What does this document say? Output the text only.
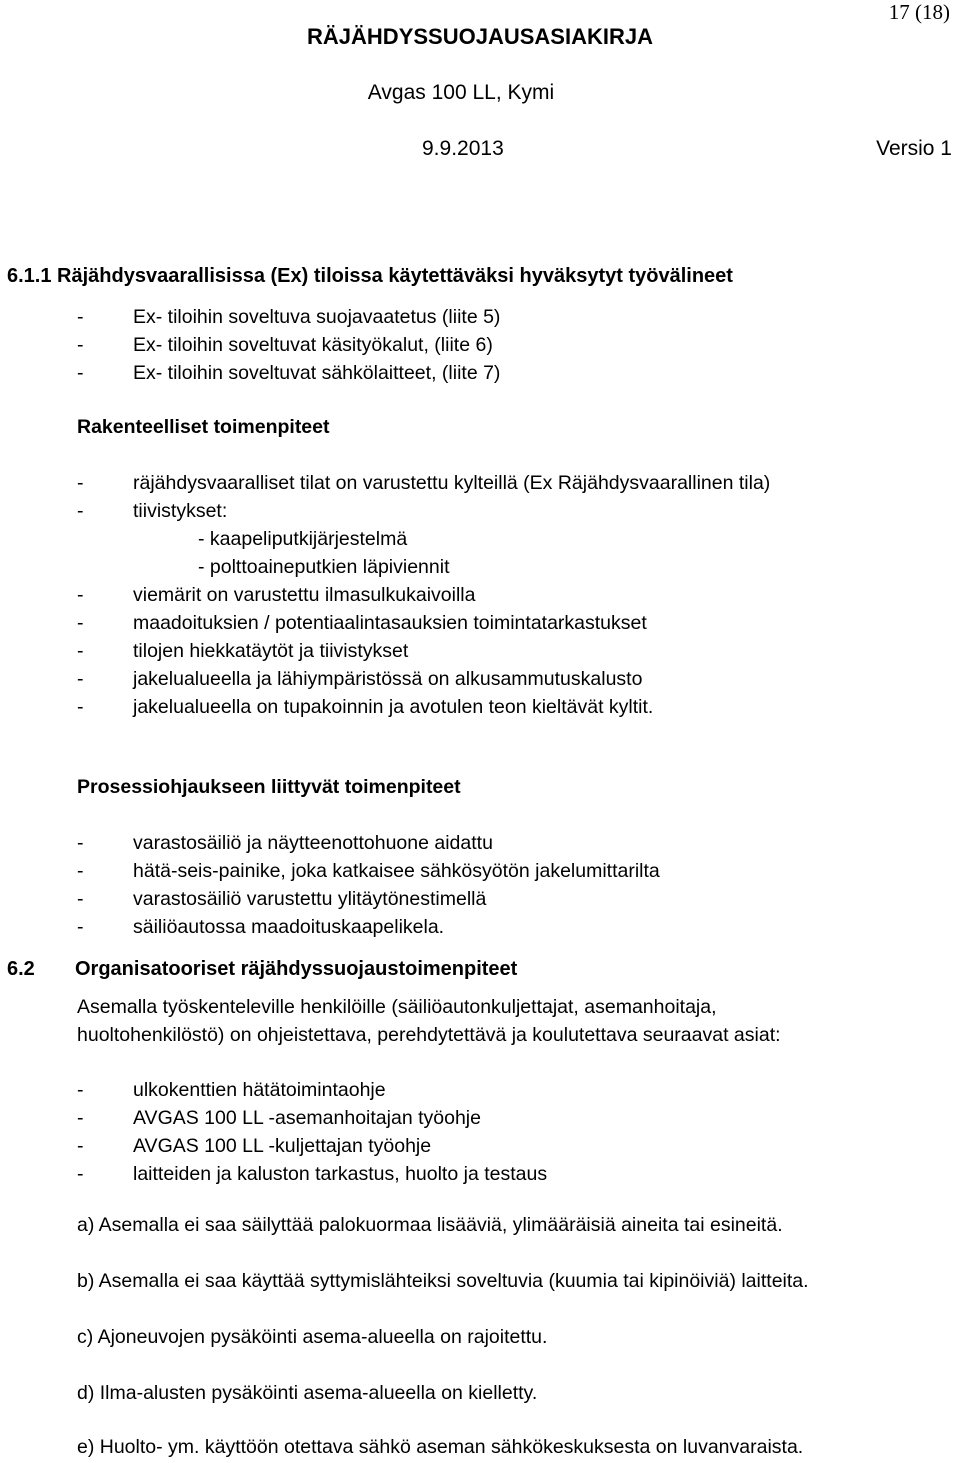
17 (18)
RÄJÄHDYSSUOJAUSASIAKIRJA
Avgas 100 LL, Kymi
9.9.2013	Versio 1
6.1.1 Räjähdysvaarallisissa (Ex) tiloissa käytettäväksi hyväksytyt työvälineet
-	Ex- tiloihin soveltuva suojavaatetus (liite 5)
-	Ex- tiloihin soveltuvat käsityökalut, (liite 6)
-	Ex- tiloihin soveltuvat sähkölaitteet, (liite 7)
Rakenteelliset toimenpiteet
-	räjähdysvaaralliset tilat on varustettu kylteillä (Ex Räjähdysvaarallinen tila)
-	tiivistykset:
- kaapeliputkijärjestelmä
- polttoaineputkien läpiviennit
-	viemärit on varustettu ilmasulkukaivoilla
-	maadoituksien / potentiaalintasauksien toimintatarkastukset
-	tilojen hiekkatäytöt ja tiivistykset
-	jakelualueella ja lähiympäristössä on alkusammutuskalusto
-	jakelualueella on tupakoinnin ja avotulen teon kieltävät kyltit.
Prosessiohjaukseen liittyvät toimenpiteet
-	varastosäiliö ja näytteenottohuone aidattu
-	hätä-seis-painike, joka katkaisee sähkösyötön jakelumittarilta
-	varastosäiliö varustettu ylitäytönestimellä
-	säiliöautossa maadoituskaapelikela.
6.2 Organisatooriset räjähdyssuojaustoimenpiteet
Asemalla työskenteleville henkilöille (säiliöautonkuljettajat, asemanhoitaja,
huoltohenkilöstö) on ohjeistettava, perehdytettävä ja koulutettava seuraavat asiat:
-	ulkokenttien hätätoimintaohje
-	AVGAS 100 LL -asemanhoitajan työohje
-	AVGAS 100 LL -kuljettajan työohje
-	laitteiden ja kaluston tarkastus, huolto ja testaus
a) Asemalla ei saa säilyttää palokuormaa lisääviä, ylimääräisiä aineita tai esineitä.
b) Asemalla ei saa käyttää syttymislähteiksi soveltuvia (kuumia tai kipinöiviä) laitteita.
c) Ajoneuvojen pysäköinti asema-alueella on rajoitettu.
d) Ilma-alusten pysäköinti asema-alueella on kielletty.
e) Huolto- ym. käyttöön otettava sähkö aseman sähkökeskuksesta on luvanvaraista.
